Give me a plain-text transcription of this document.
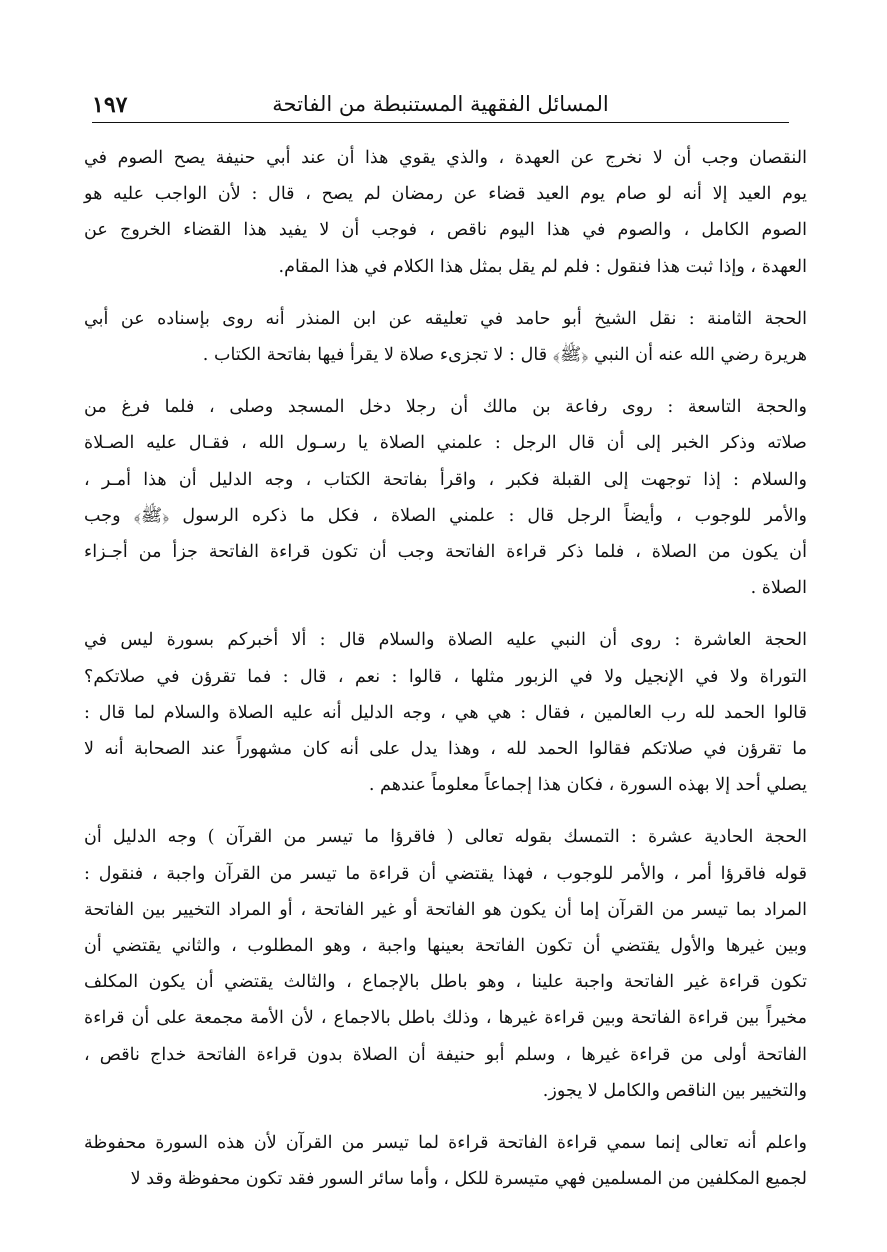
المسائل الفقهية المستنبطة من الفاتحة
١٩٧

النقصان وجب أن لا نخرج عن العهدة ، والذي يقوي هذا أن عند أبي حنيفة يصح الصوم في
يوم العيد إلا أنه لو صام يوم العيد قضاء عن رمضان لم يصح ، قال : لأن الواجب عليه هو
الصوم الكامل ، والصوم في هذا اليوم ناقص ، فوجب أن لا يفيد هذا القضاء الخروج عن
العهدة ، وإذا ثبت هذا فنقول : فلم لم يقل بمثل هذا الكلام في هذا المقام.

الحجة الثامنة : نقل الشيخ أبو حامد في تعليقه عن ابن المنذر أنه روى بإسناده عن أبي
هريرة رضي الله عنه أن النبي ﴿ﷺ﴾ قال : لا تجزىء صلاة لا يقرأ فيها بفاتحة الكتاب .

والحجة التاسعة : روى رفاعة بن مالك أن رجلا دخل المسجد وصلى ، فلما فرغ من
صلاته وذكر الخبر إلى أن قال الرجل : علمني الصلاة يا رسـول الله ، فقـال عليه الصـلاة
والسلام : إذا توجهت إلى القبلة فكبر ، واقرأ بفاتحة الكتاب ، وجه الدليل أن هذا أمـر ،
والأمر للوجوب ، وأيضاً الرجل قال : علمني الصلاة ، فكل ما ذكره الرسول ﴿ﷺ﴾ وجب
أن يكون من الصلاة ، فلما ذكر قراءة الفاتحة وجب أن تكون قراءة الفاتحة جزأ من أجـزاء
الصلاة .

الحجة العاشرة : روى أن النبي عليه الصلاة والسلام قال : ألا أخبركم بسورة ليس في
التوراة ولا في الإنجيل ولا في الزبور مثلها ، قالوا : نعم ، قال : فما تقرؤن في صلاتكم؟
قالوا الحمد لله رب العالمين ، فقال : هي هي ، وجه الدليل أنه عليه الصلاة والسلام لما قال :
ما تقرؤن في صلاتكم فقالوا الحمد لله ، وهذا يدل على أنه كان مشهوراً عند الصحابة أنه لا
يصلي أحد إلا بهذه السورة ، فكان هذا إجماعاً معلوماً عندهم .

الحجة الحادية عشرة : التمسك بقوله تعالى ( فاقرؤا ما تيسر من القرآن ) وجه الدليل أن
قوله فاقرؤا أمر ، والأمر للوجوب ، فهذا يقتضي أن قراءة ما تيسر من القرآن واجبة ، فنقول :
المراد بما تيسر من القرآن إما أن يكون هو الفاتحة أو غير الفاتحة ، أو المراد التخيير بين الفاتحة
وبين غيرها والأول يقتضي أن تكون الفاتحة بعينها واجبة ، وهو المطلوب ، والثاني يقتضي أن
تكون قراءة غير الفاتحة واجبة علينا ، وهو باطل بالإجماع ، والثالث يقتضي أن يكون المكلف
مخيراً بين قراءة الفاتحة وبين قراءة غيرها ، وذلك باطل بالاجماع ، لأن الأمة مجمعة على أن قراءة
الفاتحة أولى من قراءة غيرها ، وسلم أبو حنيفة أن الصلاة بدون قراءة الفاتحة خداج ناقص ،
والتخيير بين الناقص والكامل لا يجوز.

واعلم أنه تعالى إنما سمي قراءة الفاتحة قراءة لما تيسر من القرآن لأن هذه السورة محفوظة
لجميع المكلفين من المسلمين فهي متيسرة للكل ، وأما سائر السور فقد تكون محفوظة وقد لا
